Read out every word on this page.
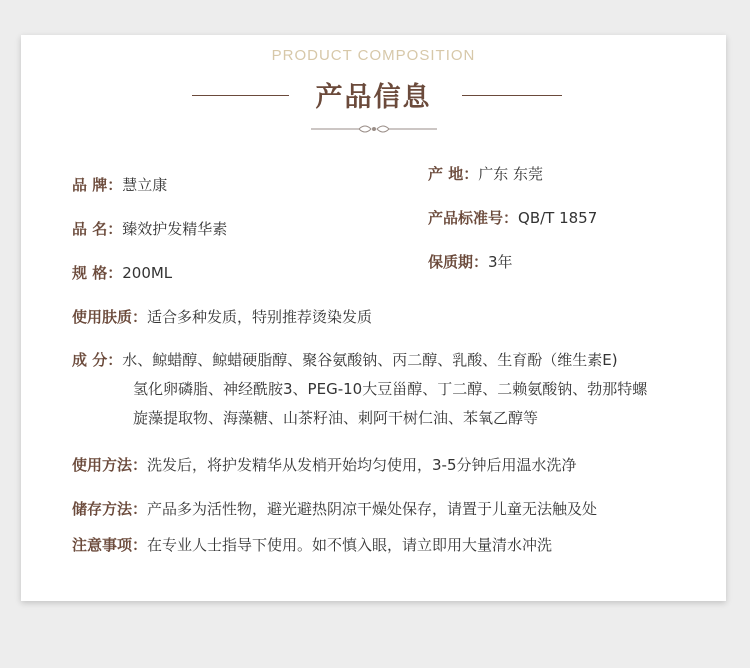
PRODUCT COMPOSITION
产品信息
品 牌：慧立康
品 名：臻效护发精华素
规 格：200ML
产 地：广东 东莞
产品标准号：QB/T 1857
保质期：3年
使用肤质：适合多种发质，特别推荐烫染发质
成 分：水、鲸蜡醇、鲸蜡硬脂醇、聚谷氨酸钠、丙二醇、乳酸、生育酚（维生素E)
氢化卵磷脂、神经酰胺3、PEG-10大豆甾醇、丁二醇、二赖氨酸钠、勃那特螺
旋藻提取物、海藻糖、山茶籽油、刺阿干树仁油、苯氧乙醇等
使用方法：洗发后，将护发精华从发梢开始均匀使用，3-5分钟后用温水洗净
储存方法：产品多为活性物，避光避热阴凉干燥处保存，请置于儿童无法触及处
注意事项：在专业人士指导下使用。如不慎入眼，请立即用大量清水冲洗
